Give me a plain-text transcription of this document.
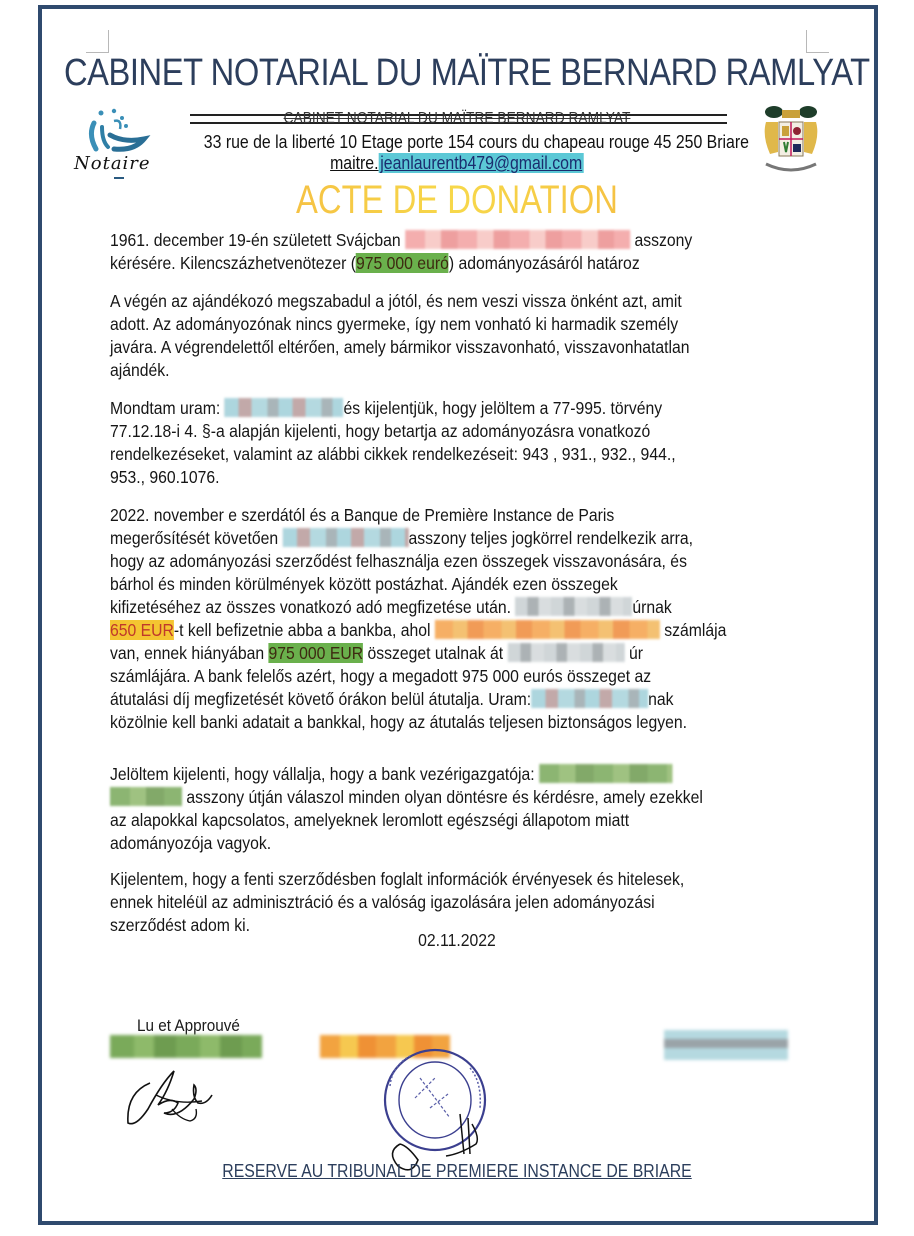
Notaire
CABINET NOTARIAL DU MAÏTRE BERNARD RAMLYAT
CABINET NOTARIAL DU MAÏTRE BERNARD RAMLYAT
33 rue de la liberté 10 Etage porte 154 cours du chapeau rouge 45 250 Briare
maitre.jeanlaurentb479@gmail.com
ACTE DE DONATION
1961. december 19-én született Svájcban	asszony
kérésére. Kilencszázhetvenötezer (975 000 euró) adományozásáról határoz
A végén az ajándékozó megszabadul a jótól, és nem veszi vissza önként azt, amit
adott. Az adományozónak nincs gyermeke, így nem vonható ki harmadik személy
javára. A végrendelettől eltérően, amely bármikor visszavonható, visszavonhatatlan
ajándék.
Mondtam uram:	és kijelentjük, hogy jelöltem a 77-995. törvény
77.12.18-i 4. §-a alapján kijelenti, hogy betartja az adományozásra vonatkozó
rendelkezéseket, valamint az alábbi cikkek rendelkezéseit: 943 , 931., 932., 944.,
953., 960.1076.
2022. november e szerdától és a Banque de Première Instance de Paris
megerősítését követően	asszony teljes jogkörrel rendelkezik arra,
hogy az adományozási szerződést felhasználja ezen összegek visszavonására, és
bárhol és minden körülmények között postázhat. Ajándék ezen összegek
kifizetéséhez az összes vonatkozó adó megfizetése után.	úrnak
650 EUR-t kell befizetnie abba a bankba, ahol	számlája
van, ennek hiányában 975 000 EUR összeget utalnak át	úr
számlájára. A bank felelős azért, hogy a megadott 975 000 eurós összeget az
átutalási díj megfizetését követő órákon belül átutalja. Uram:	nak
közölnie kell banki adatait a bankkal, hogy az átutalás teljesen biztonságos legyen.
Jelöltem kijelenti, hogy vállalja, hogy a bank vezérigazgatója:
asszony útján válaszol minden olyan döntésre és kérdésre, amely ezekkel
az alapokkal kapcsolatos, amelyeknek leromlott egészségi állapotom miatt
adományozója vagyok.
Kijelentem, hogy a fenti szerződésben foglalt információk érvényesek és hitelesek,
ennek hiteléül az adminisztráció és a valóság igazolására jelen adományozási
szerződést adom ki.
02.11.2022
Lu et Approuvé
RESERVE AU TRIBUNAL DE PREMIERE INSTANCE DE BRIARE
